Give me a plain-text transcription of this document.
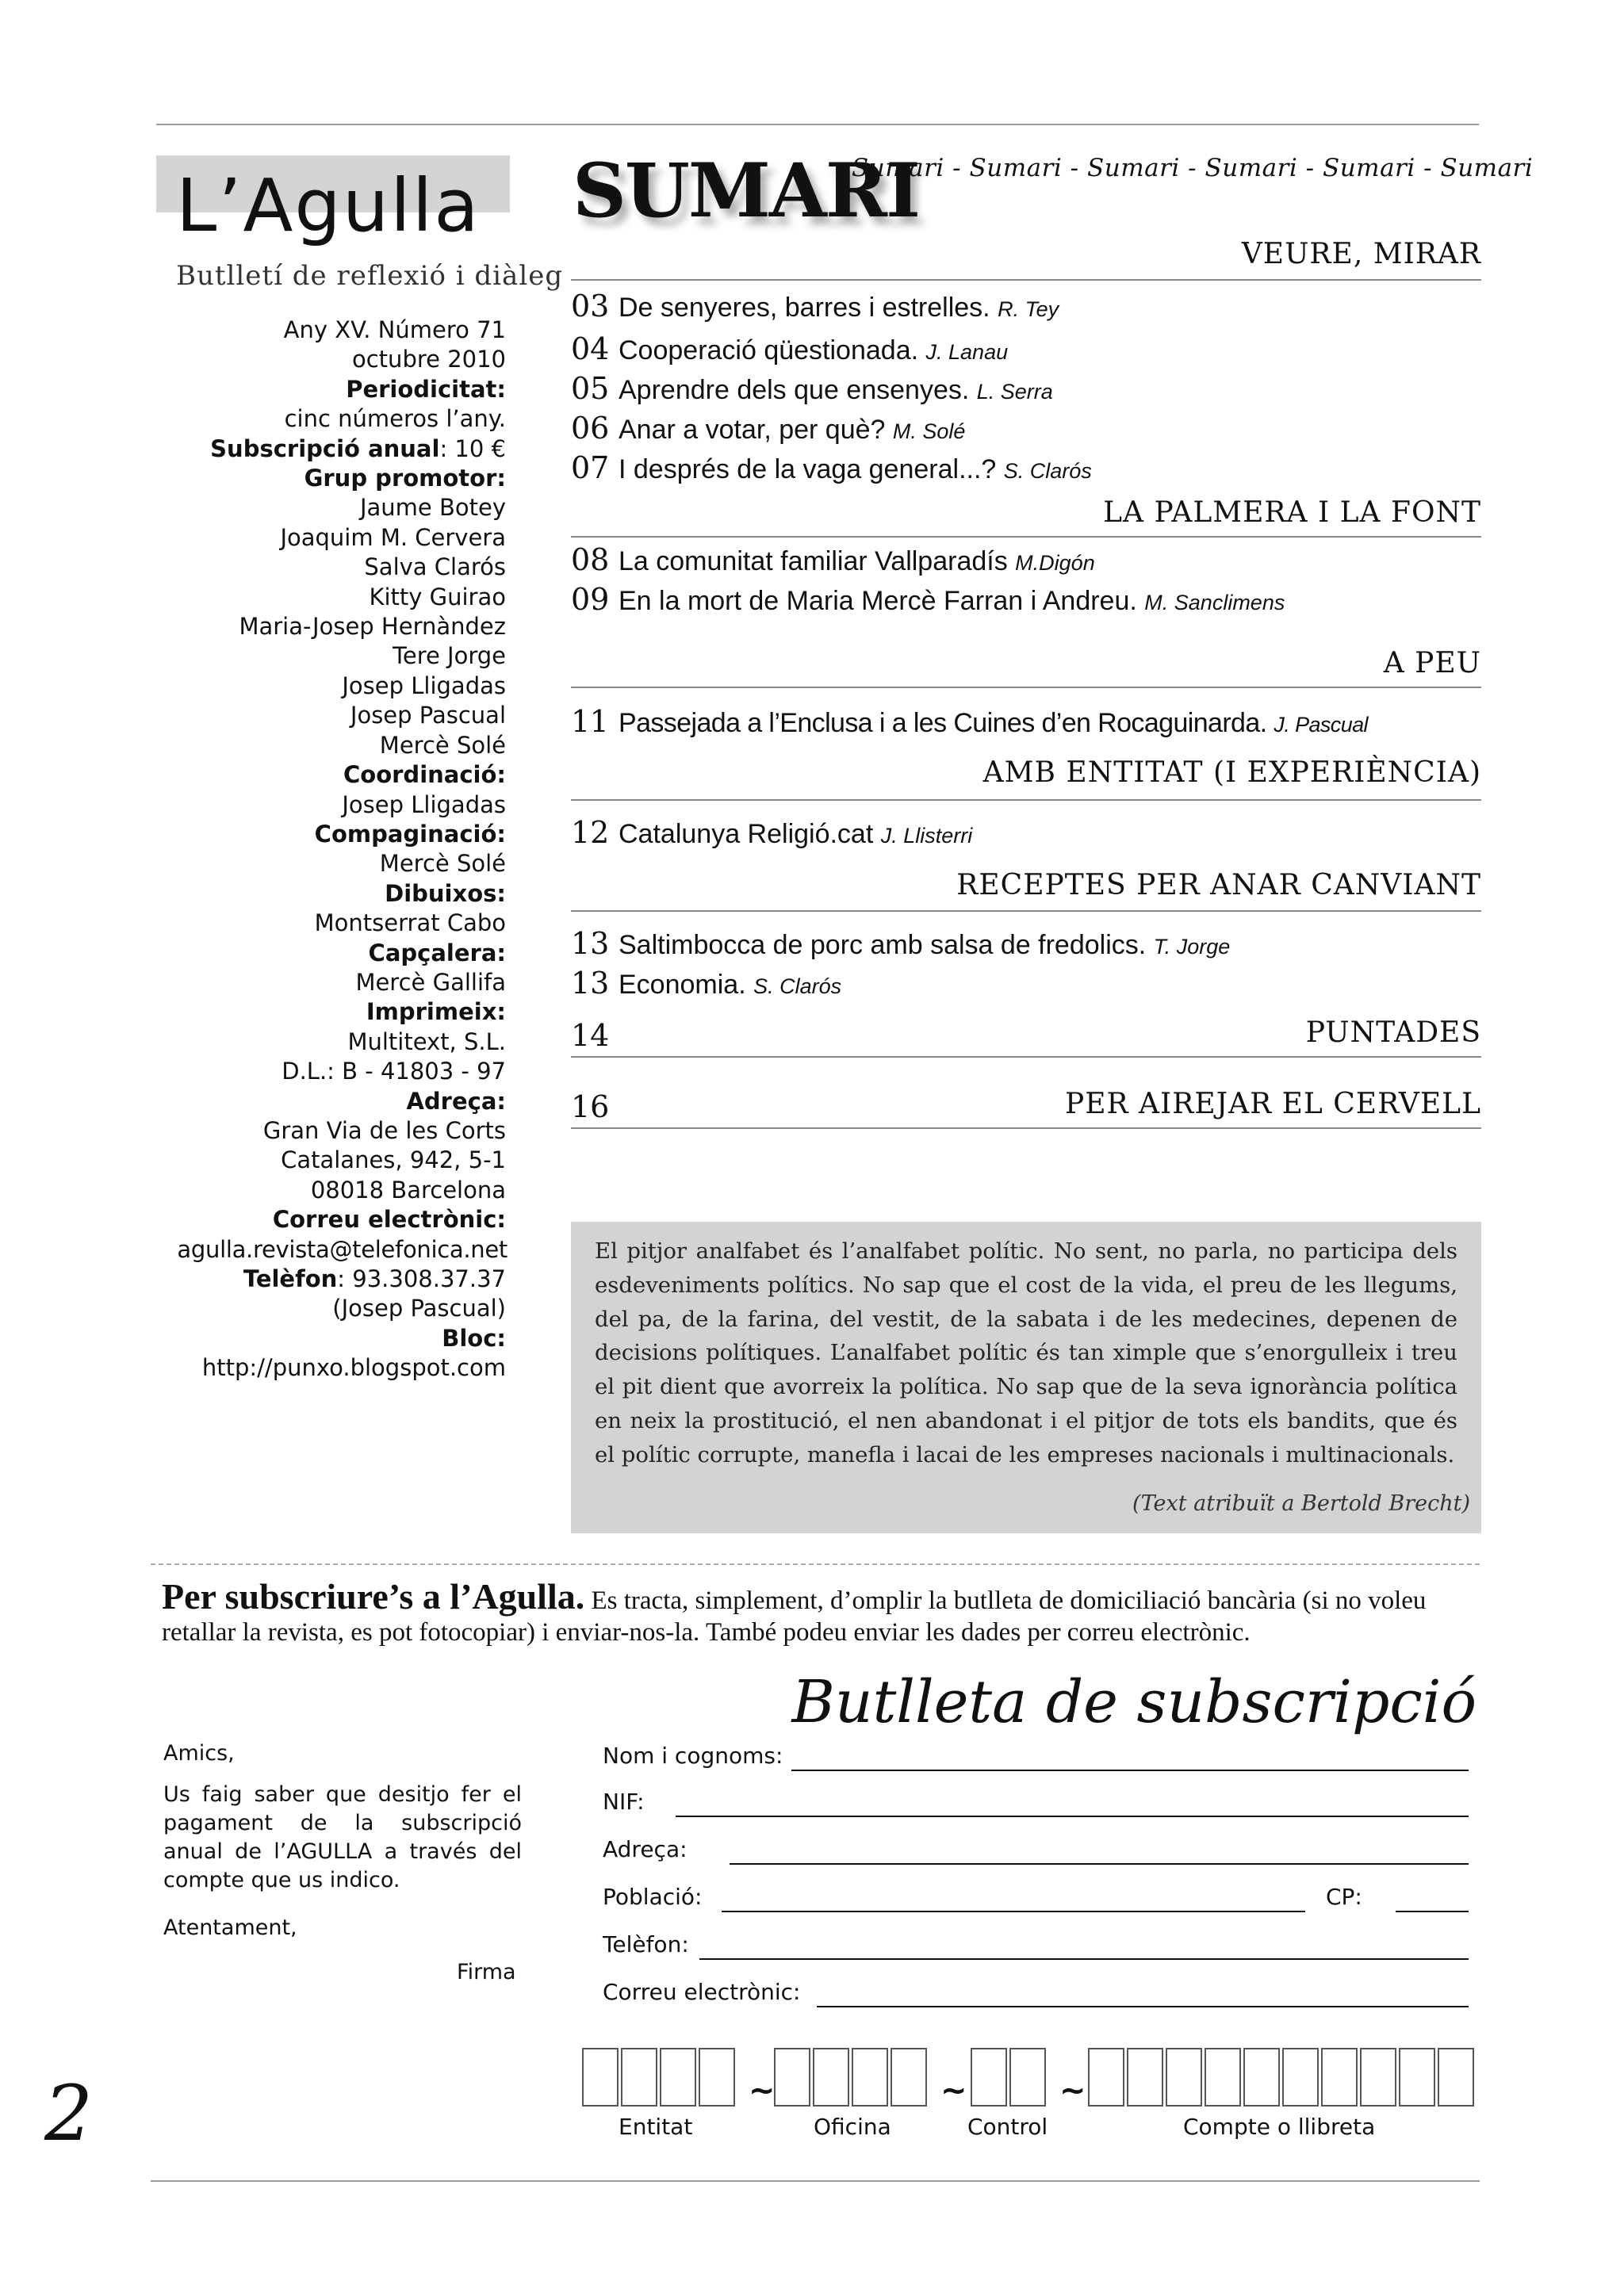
L’Agulla
Butlletí de reflexió i diàleg
Any XV. Número 71
octubre 2010
Periodicitat:
cinc números l’any.
Subscripció anual: 10 €
Grup promotor:
Jaume Botey
Joaquim M. Cervera
Salva Clarós
Kitty Guirao
Maria-Josep Hernàndez
Tere Jorge
Josep Lligadas
Josep Pascual
Mercè Solé
Coordinació:
Josep Lligadas
Compaginació:
Mercè Solé
Dibuixos:
Montserrat Cabo
Capçalera:
Mercè Gallifa
Imprimeix:
Multitext, S.L.
D.L.: B - 41803 - 97
Adreça:
Gran Via de les Corts
Catalanes, 942, 5-1
08018 Barcelona
Correu electrònic:
agulla.revista@telefonica.net
Telèfon: 93.308.37.37
(Josep Pascual)
Bloc:
http://punxo.blogspot.com
SUMARI
Sumari - Sumari - Sumari - Sumari - Sumari - Sumari
VEURE, MIRAR
03 De senyeres, barres i estrelles. R. Tey
04 Cooperació qüestionada. J. Lanau
05 Aprendre dels que ensenyes. L. Serra
06 Anar a votar, per què? M. Solé
07 I després de la vaga general...? S. Clarós
LA PALMERA I LA FONT
08 La comunitat familiar Vallparadís M.Digón
09 En la mort de Maria Mercè Farran i Andreu. M. Sanclimens
A PEU
11 Passejada a l’Enclusa i a les Cuines d’en Rocaguinarda. J. Pascual
AMB ENTITAT (I EXPERIÈNCIA)
12 Catalunya Religió.cat J. Llisterri
RECEPTES PER ANAR CANVIANT
13 Saltimbocca de porc amb salsa de fredolics. T. Jorge
13 Economia. S. Clarós
14	PUNTADES
16	PER AIREJAR EL CERVELL
El pitjor analfabet és l’analfabet polític. No sent, no parla, no participa dels esdeveniments polítics. No sap que el cost de la vida, el preu de les llegums, del pa, de la farina, del vestit, de la sabata i de les medecines, depenen de decisions polítiques. L’analfabet polític és tan ximple que s’enorgulleix i treu el pit dient que avorreix la política. No sap que de la seva ignorància política en neix la prostitució, el nen abandonat i el pitjor de tots els bandits, que és el polític corrupte, manefla i lacai de les empreses nacionals i multinacionals.
(Text atribuït a Bertold Brecht)
Per subscriure’s a l’Agulla. Es tracta, simplement, d’omplir la butlleta de domiciliació bancària (si no voleu retallar la revista, es pot fotocopiar) i enviar-nos-la. També podeu enviar les dades per correu electrònic.
Butlleta de subscripció
Amics,
Us faig saber que desitjo fer el pagament de la subscripció anual de l’AGULLA a través del compte que us indico.
Atentament,
Firma
Nom i cognoms:
NIF:
Adreça:
Població:	CP:
Telèfon:
Correu electrònic:
~	~	~
Entitat	Oficina	Control	Compte o llibreta
2
